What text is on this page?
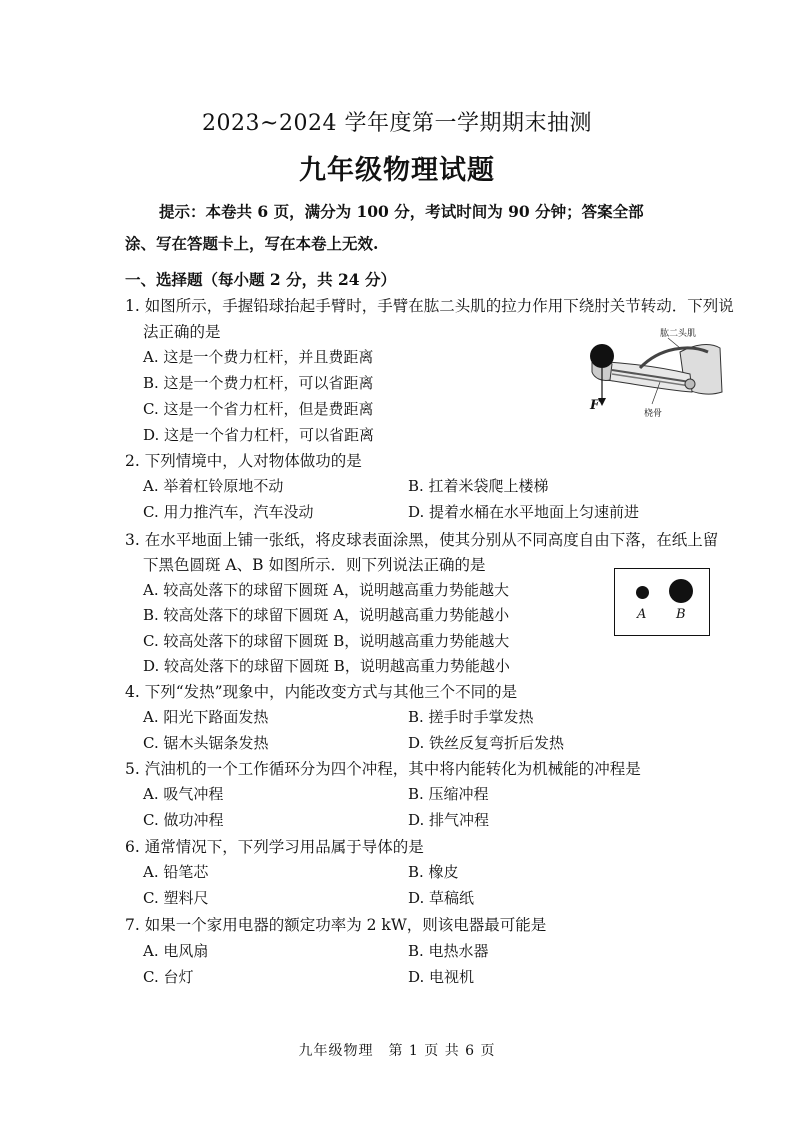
2023~2024 学年度第一学期期末抽测
九年级物理试题
提示：本卷共 6 页，满分为 100 分，考试时间为 90 分钟；答案全部涂、写在答题卡上，写在本卷上无效.
一、选择题（每小题 2 分，共 24 分）
1. 如图所示，手握铅球抬起手臂时，手臂在肱二头肌的拉力作用下绕肘关节转动．下列说
法正确的是
A. 这是一个费力杠杆，并且费距离
B. 这是一个费力杠杆，可以省距离
C. 这是一个省力杠杆，但是费距离
D. 这是一个省力杠杆，可以省距离
肱二头肌
桡骨
F
2. 下列情境中，人对物体做功的是
A. 举着杠铃原地不动	B. 扛着米袋爬上楼梯
C. 用力推汽车，汽车没动	D. 提着水桶在水平地面上匀速前进
3. 在水平地面上铺一张纸，将皮球表面涂黑，使其分别从不同高度自由下落，在纸上留
下黑色圆斑 A、B 如图所示．则下列说法正确的是
A. 较高处落下的球留下圆斑 A，说明越高重力势能越大
B. 较高处落下的球留下圆斑 A，说明越高重力势能越小
C. 较高处落下的球留下圆斑 B，说明越高重力势能越大
D. 较高处落下的球留下圆斑 B，说明越高重力势能越小
A B
4. 下列“发热”现象中，内能改变方式与其他三个不同的是
A. 阳光下路面发热	B. 搓手时手掌发热
C. 锯木头锯条发热	D. 铁丝反复弯折后发热
5. 汽油机的一个工作循环分为四个冲程，其中将内能转化为机械能的冲程是
A. 吸气冲程	B. 压缩冲程
C. 做功冲程	D. 排气冲程
6. 通常情况下，下列学习用品属于导体的是
A. 铅笔芯	B. 橡皮
C. 塑料尺	D. 草稿纸
7. 如果一个家用电器的额定功率为 2 kW，则该电器最可能是
A. 电风扇	B. 电热水器
C. 台灯	D. 电视机
九年级物理　第 1 页 共 6 页
